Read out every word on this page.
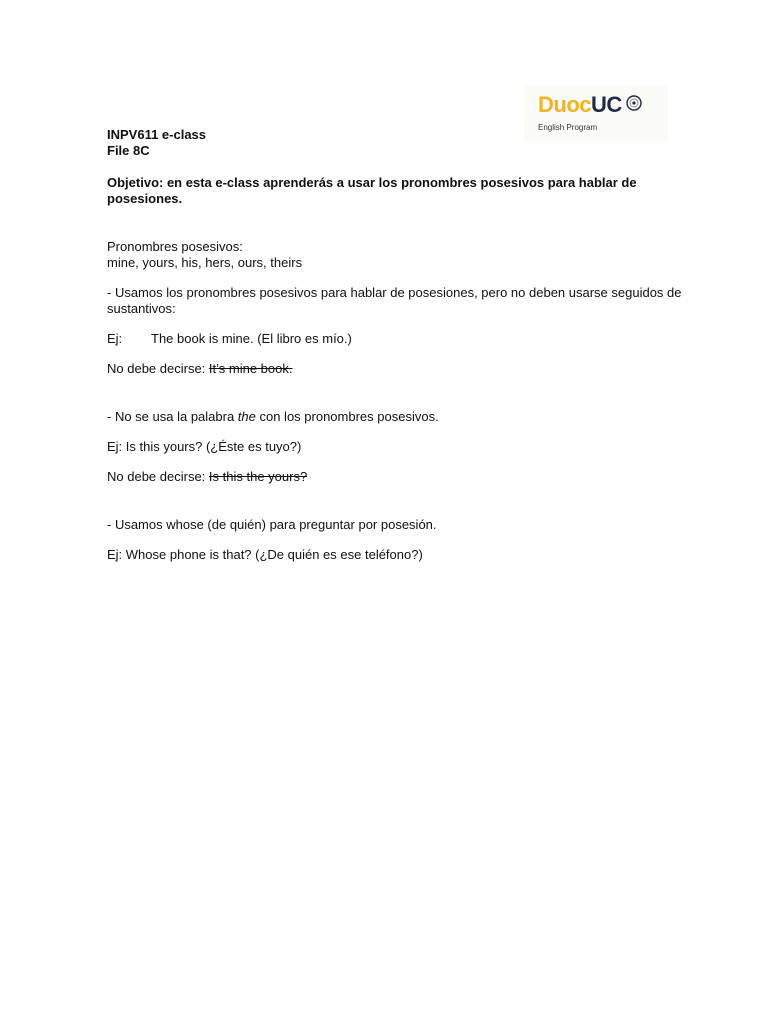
DuocUC
English Program
INPV611 e-class
File 8C
Objetivo: en esta e-class aprenderás a usar los pronombres posesivos para hablar de posesiones.
Pronombres posesivos:
mine, yours, his, hers, ours, theirs
- Usamos los pronombres posesivos para hablar de posesiones, pero no deben usarse seguidos de sustantivos:
Ej: The book is mine. (El libro es mío.)
No debe decirse: It’s mine book.
- No se usa la palabra the con los pronombres posesivos.
Ej: Is this yours? (¿Éste es tuyo?)
No debe decirse: Is this the yours?
- Usamos whose (de quién) para preguntar por posesión.
Ej: Whose phone is that? (¿De quién es ese teléfono?)
